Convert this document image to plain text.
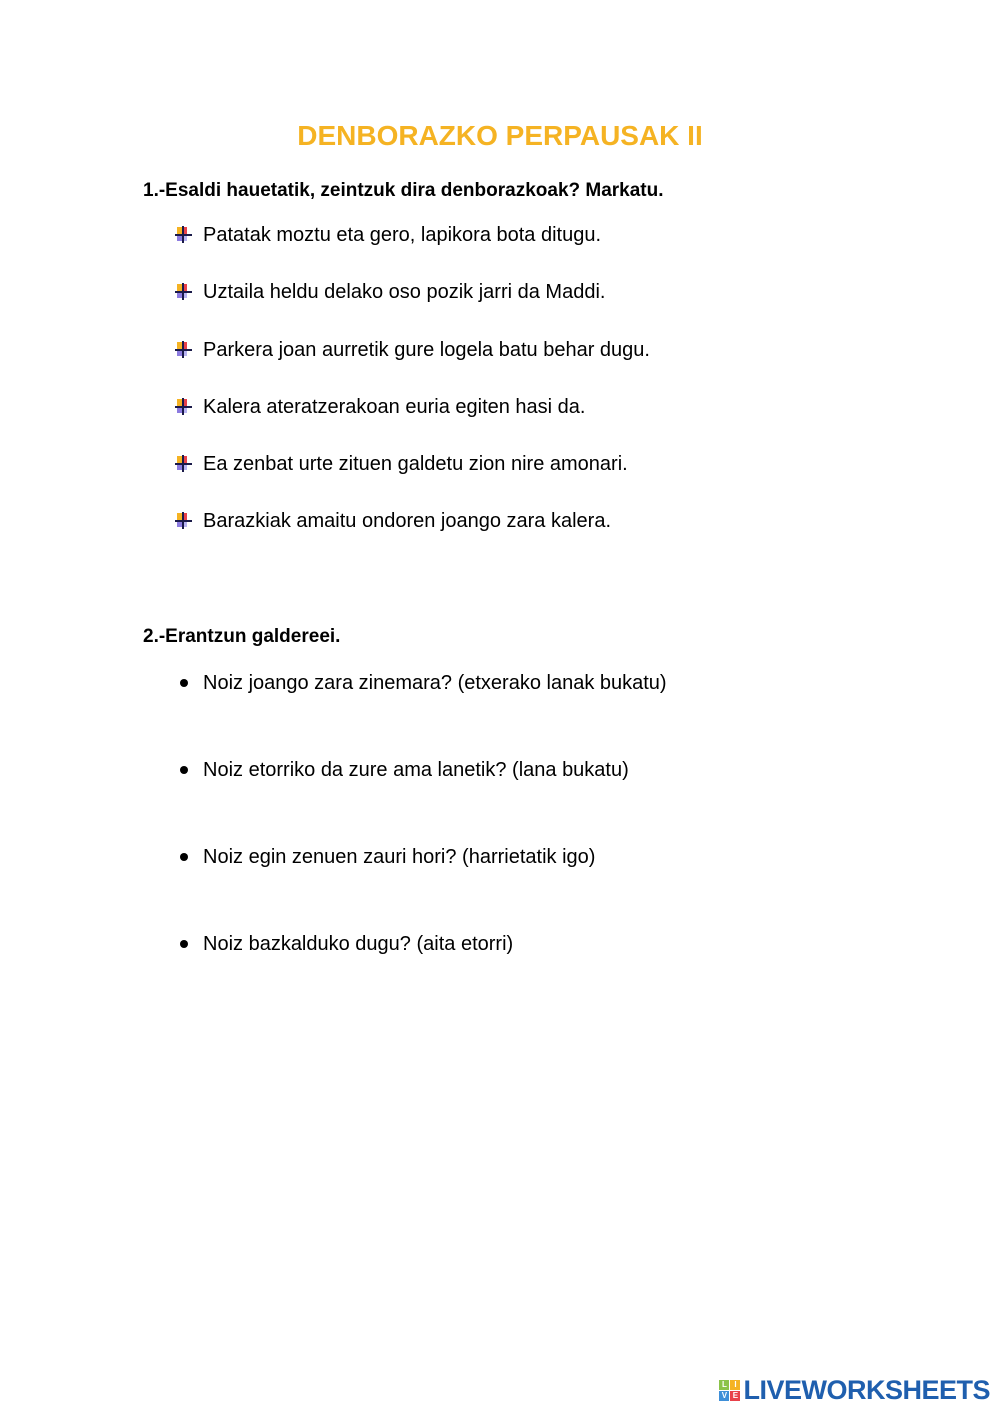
DENBORAZKO PERPAUSAK II
1.-Esaldi hauetatik, zeintzuk dira denborazkoak? Markatu.
Patatak moztu eta gero, lapikora bota ditugu.
Uztaila heldu delako oso pozik jarri da Maddi.
Parkera joan aurretik gure logela batu behar dugu.
Kalera ateratzerakoan euria egiten hasi da.
Ea zenbat urte zituen galdetu zion nire amonari.
Barazkiak amaitu ondoren joango zara kalera.
2.-Erantzun galdereei.
Noiz joango zara zinemara? (etxerako lanak bukatu)
Noiz etorriko da zure ama lanetik? (lana bukatu)
Noiz egin zenuen zauri hori? (harrietatik igo)
Noiz bazkalduko dugu? (aita etorri)
L I
V E LIVEWORKSHEETS
